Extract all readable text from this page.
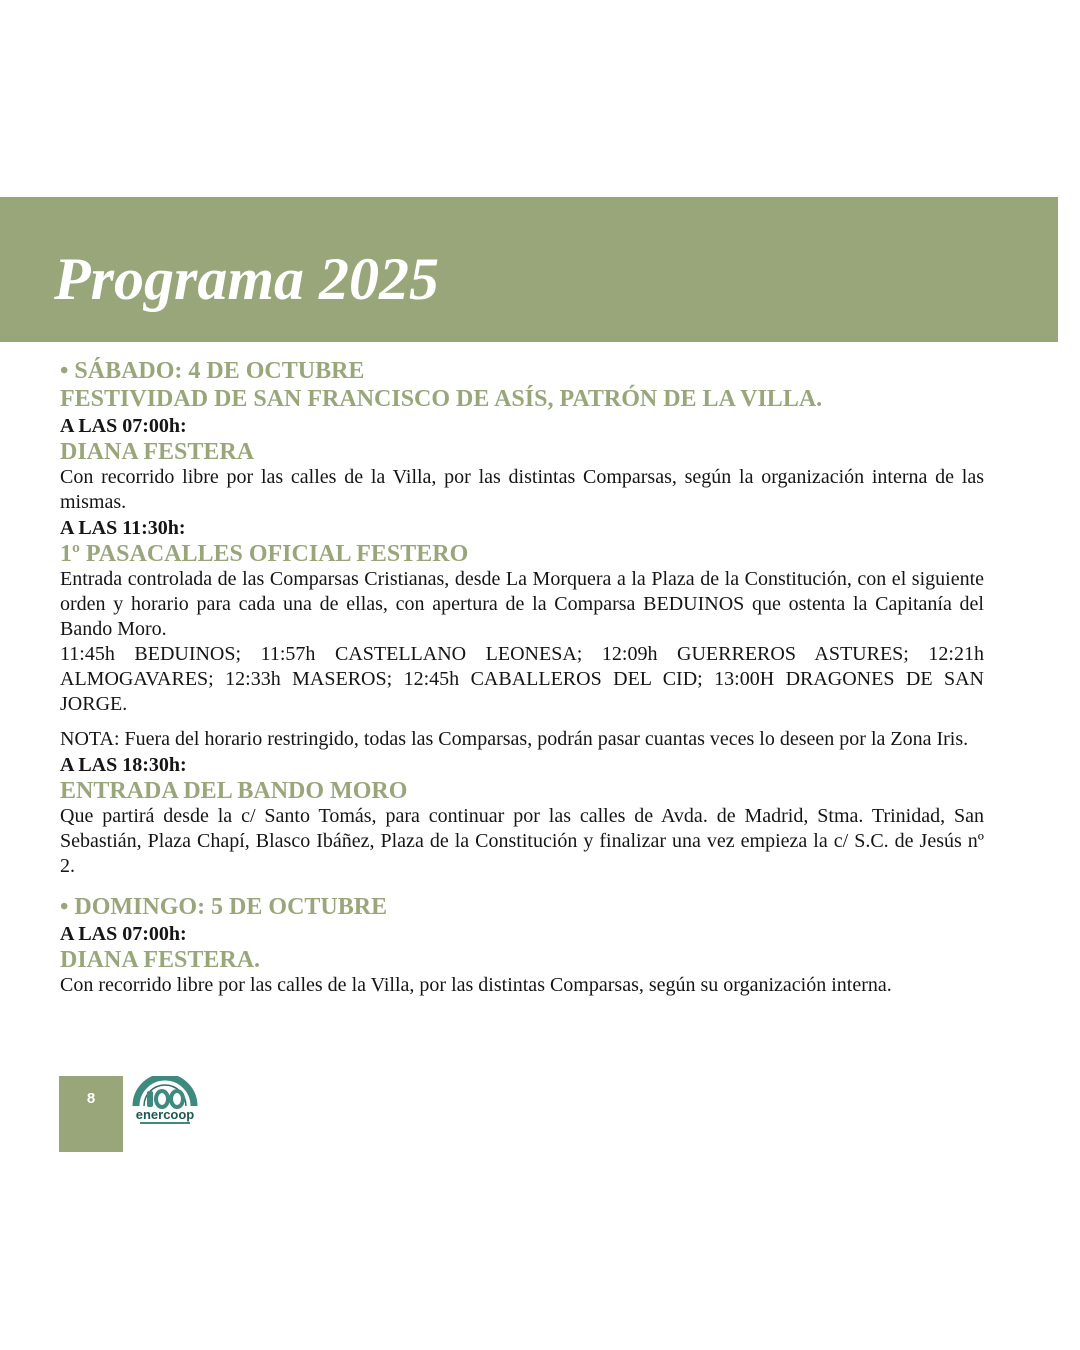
Programa 2025

• SÁBADO: 4 DE OCTUBRE

FESTIVIDAD DE SAN FRANCISCO DE ASÍS, PATRÓN DE LA VILLA.

A LAS 07:00h:

DIANA FESTERA

Con recorrido libre por las calles de la Villa, por las distintas Comparsas, según la organización interna de las mismas.

A LAS 11:30h:

1º PASACALLES OFICIAL FESTERO

Entrada controlada de las Comparsas Cristianas, desde La Morquera a la Plaza de la Constitución, con el siguiente orden y horario para cada una de ellas, con apertura de la Comparsa BEDUINOS que ostenta la Capitanía del Bando Moro.
11:45h BEDUINOS; 11:57h CASTELLANO LEONESA; 12:09h GUERREROS ASTURES; 12:21h ALMOGAVARES; 12:33h MASEROS; 12:45h CABALLEROS DEL CID; 13:00H DRAGONES DE SAN JORGE.

NOTA: Fuera del horario restringido, todas las Comparsas, podrán pasar cuantas veces lo deseen por la Zona Iris.

A LAS 18:30h:

ENTRADA DEL BANDO MORO

Que partirá desde la c/ Santo Tomás, para continuar por las calles de Avda. de Madrid, Stma. Trinidad, San Sebastián, Plaza Chapí, Blasco Ibáñez, Plaza de la Constitución y finalizar una vez empieza la c/ S.C. de Jesús nº 2.

• DOMINGO: 5 DE OCTUBRE

A LAS 07:00h:

DIANA FESTERA.

Con recorrido libre por las calles de la Villa, por las distintas Comparsas, según su organización interna.

8
enercoop
